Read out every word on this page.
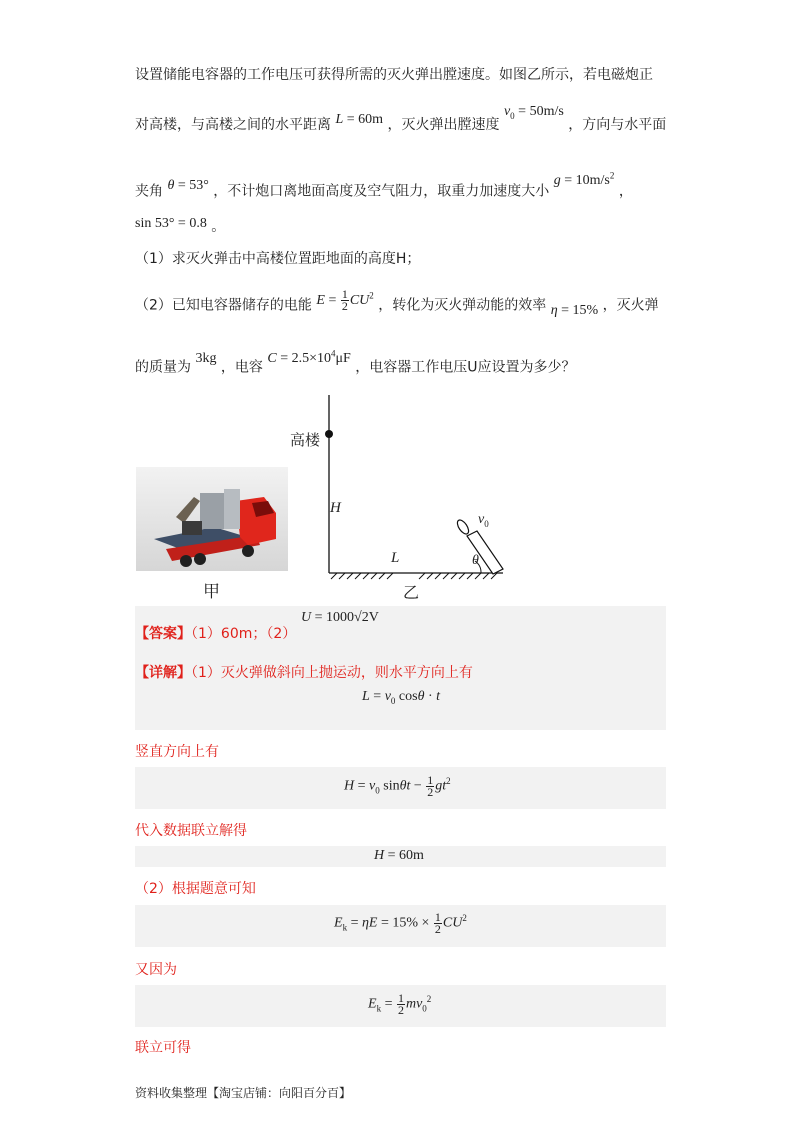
设置储能电容器的工作电压可获得所需的灭火弹出膛速度。如图乙所示，若电磁炮正
对高楼，与高楼之间的水平距离 L = 60m ，灭火弹出膛速度 $v_0 = 50m/s$ ，方向与水平面
夹角 θ = 53° ，不计炮口离地面高度及空气阻力，取重力加速度大小 $g = 10m/s^2$ ，
sin 53° = 0.8 。
（1）求灭火弹击中高楼位置距地面的高度H；
（2）已知电容器储存的电能 $E = \frac{1}{2} CU^2$ ，转化为灭火弹动能的效率 η = 15% ，灭火弹
的质量为 3kg ，电容 $C = 2.5\times 10^4\mu F$ ，电容器工作电压U应设置为多少？
甲
高楼
H
L
$v_0$
θ
乙
【答案】（1）60m；（2）
U = 1000√2V
【详解】（1）灭火弹做斜向上抛运动，则水平方向上有
$L = v_0$ cosθ · t
竖直方向上有
$H = v_0$ $\sin\theta t - \frac{1}{2} gt^2$
代入数据联立解得
H = 60m
（2）根据题意可知
$E_k = \eta E = 15\% \times \frac{1}{2} CU^2$
又因为
$E_k = \frac{1}{2} mv_0^2$
联立可得
资料收集整理【淘宝店铺：向阳百分百】
